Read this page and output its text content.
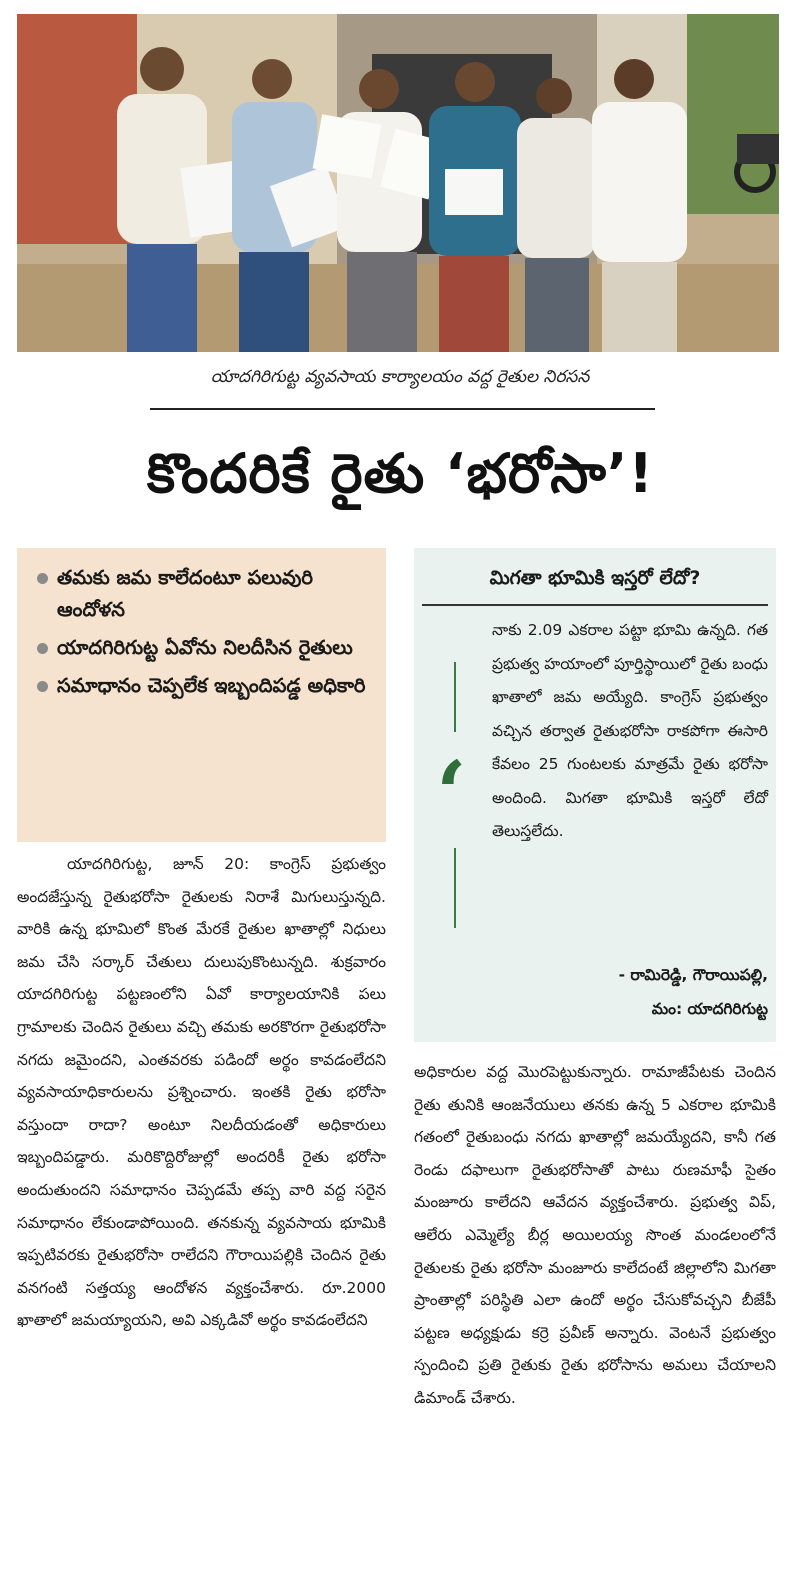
యాదగిరిగుట్ట వ్యవసాయ కార్యాలయం వద్ద రైతుల నిరసన
కొందరికే రైతు ‘భరోసా’!
తమకు జమ కాలేదంటూ పలువురి ఆందోళన
యాదగిరిగుట్ట ఏవోను నిలదీసిన రైతులు
సమాధానం చెప్పలేక ఇబ్బందిపడ్డ అధికారి
మిగతా భూమికి ఇస్తరో లేదో?
‘
నాకు 2.09 ఎకరాల పట్టా భూమి ఉన్నది. గత ప్రభుత్వ హయాంలో పూర్తిస్థాయిలో రైతు బంధు ఖాతాలో జమ అయ్యేది. కాంగ్రెస్ ప్రభుత్వం వచ్చిన తర్వాత రైతుభరోసా రాకపోగా ఈసారి కేవలం 25 గుంటలకు మాత్రమే రైతు భరోసా అందింది. మిగతా భూమికి ఇస్తరో లేదో తెలుస్తలేదు.
- రామిరెడ్డి, గౌరాయిపల్లి,
మం: యాదగిరిగుట్ట

యాదగిరిగుట్ట, జూన్ 20: కాంగ్రెస్ ప్రభుత్వం అందజేస్తున్న రైతుభరోసా రైతులకు నిరాశే మిగులుస్తున్నది. వారికి ఉన్న భూమిలో కొంత మేరకే రైతుల ఖాతాల్లో నిధులు జమ చేసి సర్కార్ చేతులు దులుపుకొంటున్నది. శుక్రవారం యాదగిరిగుట్ట పట్టణంలోని ఏవో కార్యాలయానికి పలు గ్రామాలకు చెందిన రైతులు వచ్చి తమకు అరకొరగా రైతుభరోసా నగదు జమైందని, ఎంతవరకు పడిందో అర్థం కావడంలేదని వ్యవసాయాధికారులను ప్రశ్నించారు. ఇంతకి రైతు భరోసా వస్తుందా రాదా? అంటూ నిలదీయడంతో అధికారులు ఇబ్బందిపడ్డారు. మరికొద్దిరోజుల్లో అందరికీ రైతు భరోసా అందుతుందని సమాధానం చెప్పడమే తప్ప వారి వద్ద సరైన సమాధానం లేకుండాపోయింది. తనకున్న వ్యవసాయ భూమికి ఇప్పటివరకు రైతుభరోసా రాలేదని గౌరాయిపల్లికి చెందిన రైతు వనగంటి సత్తయ్య ఆందోళన వ్యక్తంచేశారు. రూ.2000 ఖాతాలో జమయ్యాయని, అవి ఎక్కడివో అర్థం కావడంలేదని

అధికారుల వద్ద మొరపెట్టుకున్నారు. రామాజీపేటకు చెందిన రైతు తునికి ఆంజనేయులు తనకు ఉన్న 5 ఎకరాల భూమికి గతంలో రైతుబంధు నగదు ఖాతాల్లో జమయ్యేదని, కానీ గత రెండు దఫాలుగా రైతుభరోసాతో పాటు రుణమాఫీ సైతం మంజూరు కాలేదని ఆవేదన వ్యక్తంచేశారు. ప్రభుత్వ విప్, ఆలేరు ఎమ్మెల్యే బీర్ల అయిలయ్య సొంత మండలంలోనే రైతులకు రైతు భరోసా మంజూరు కాలేదంటే జిల్లాలోని మిగతా ప్రాంతాల్లో పరిస్థితి ఎలా ఉందో అర్థం చేసుకోవచ్చని బీజేపీ పట్టణ అధ్యక్షుడు కర్రె ప్రవీణ్ అన్నారు. వెంటనే ప్రభుత్వం స్పందించి ప్రతి రైతుకు రైతు భరోసాను అమలు చేయాలని డిమాండ్ చేశారు.
